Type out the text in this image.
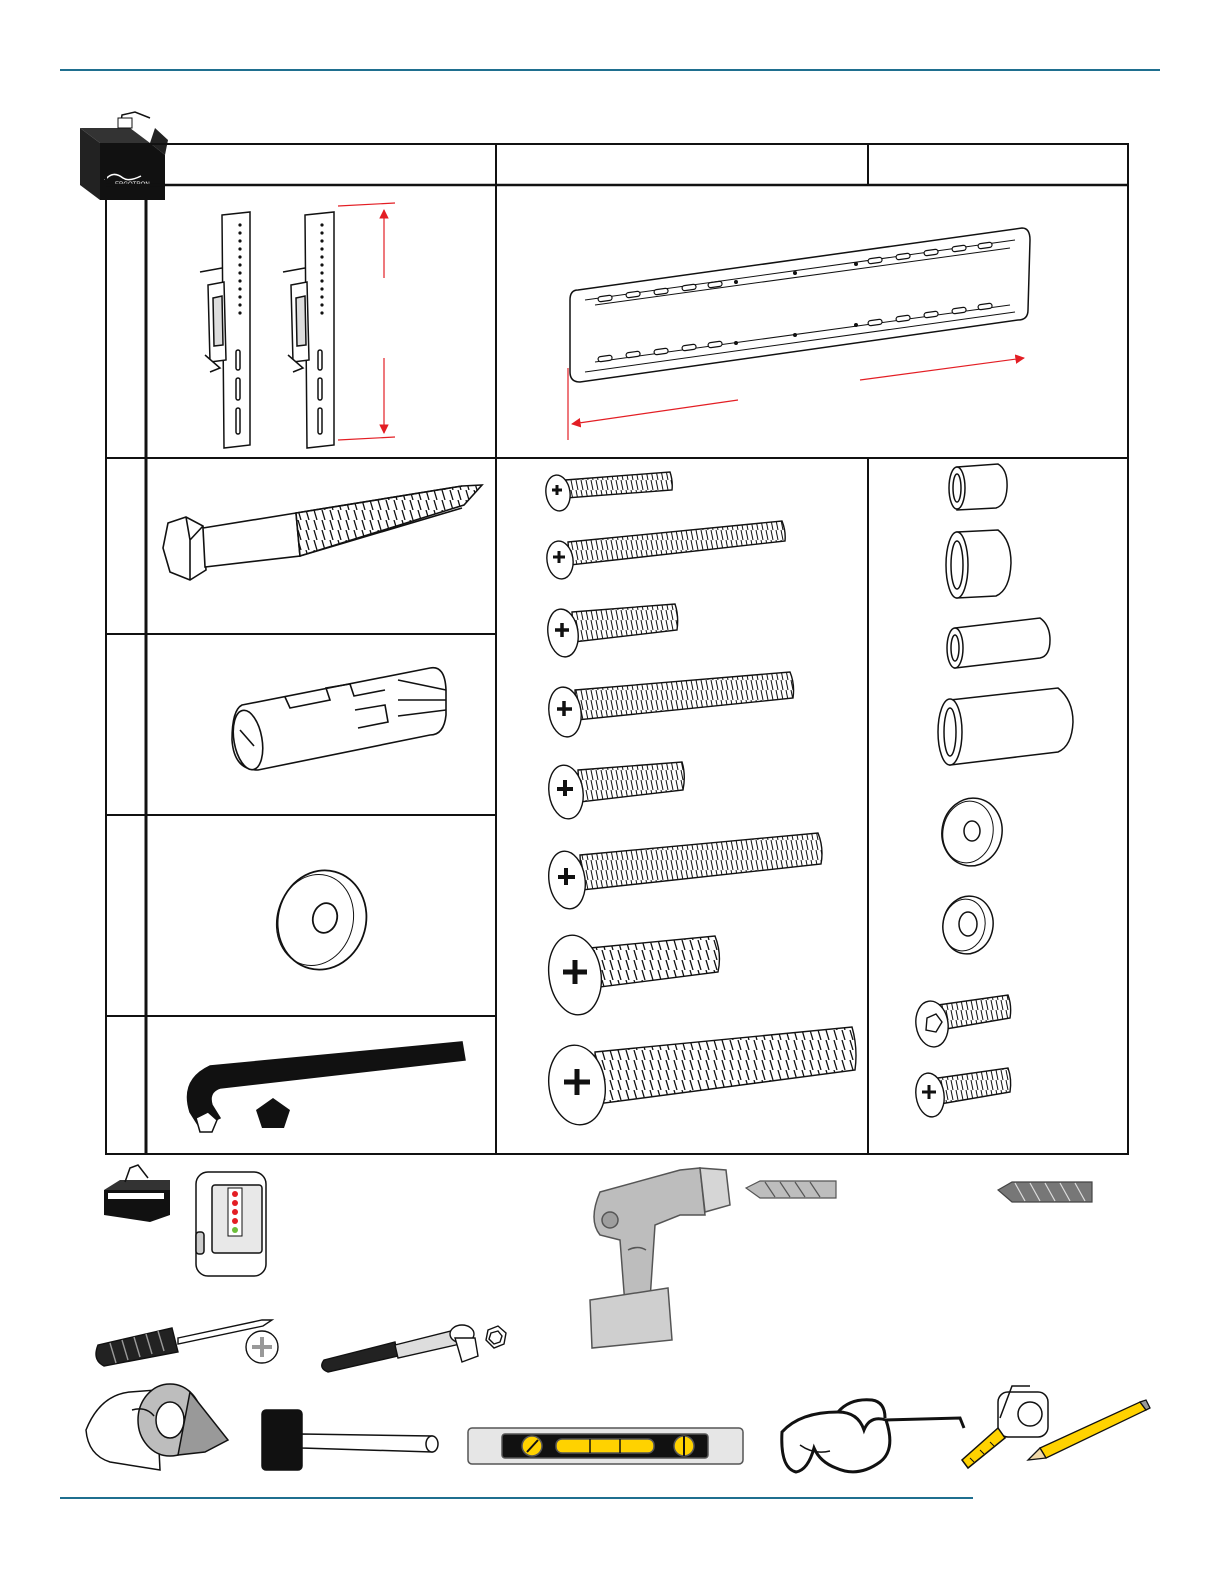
ERGOTRON
